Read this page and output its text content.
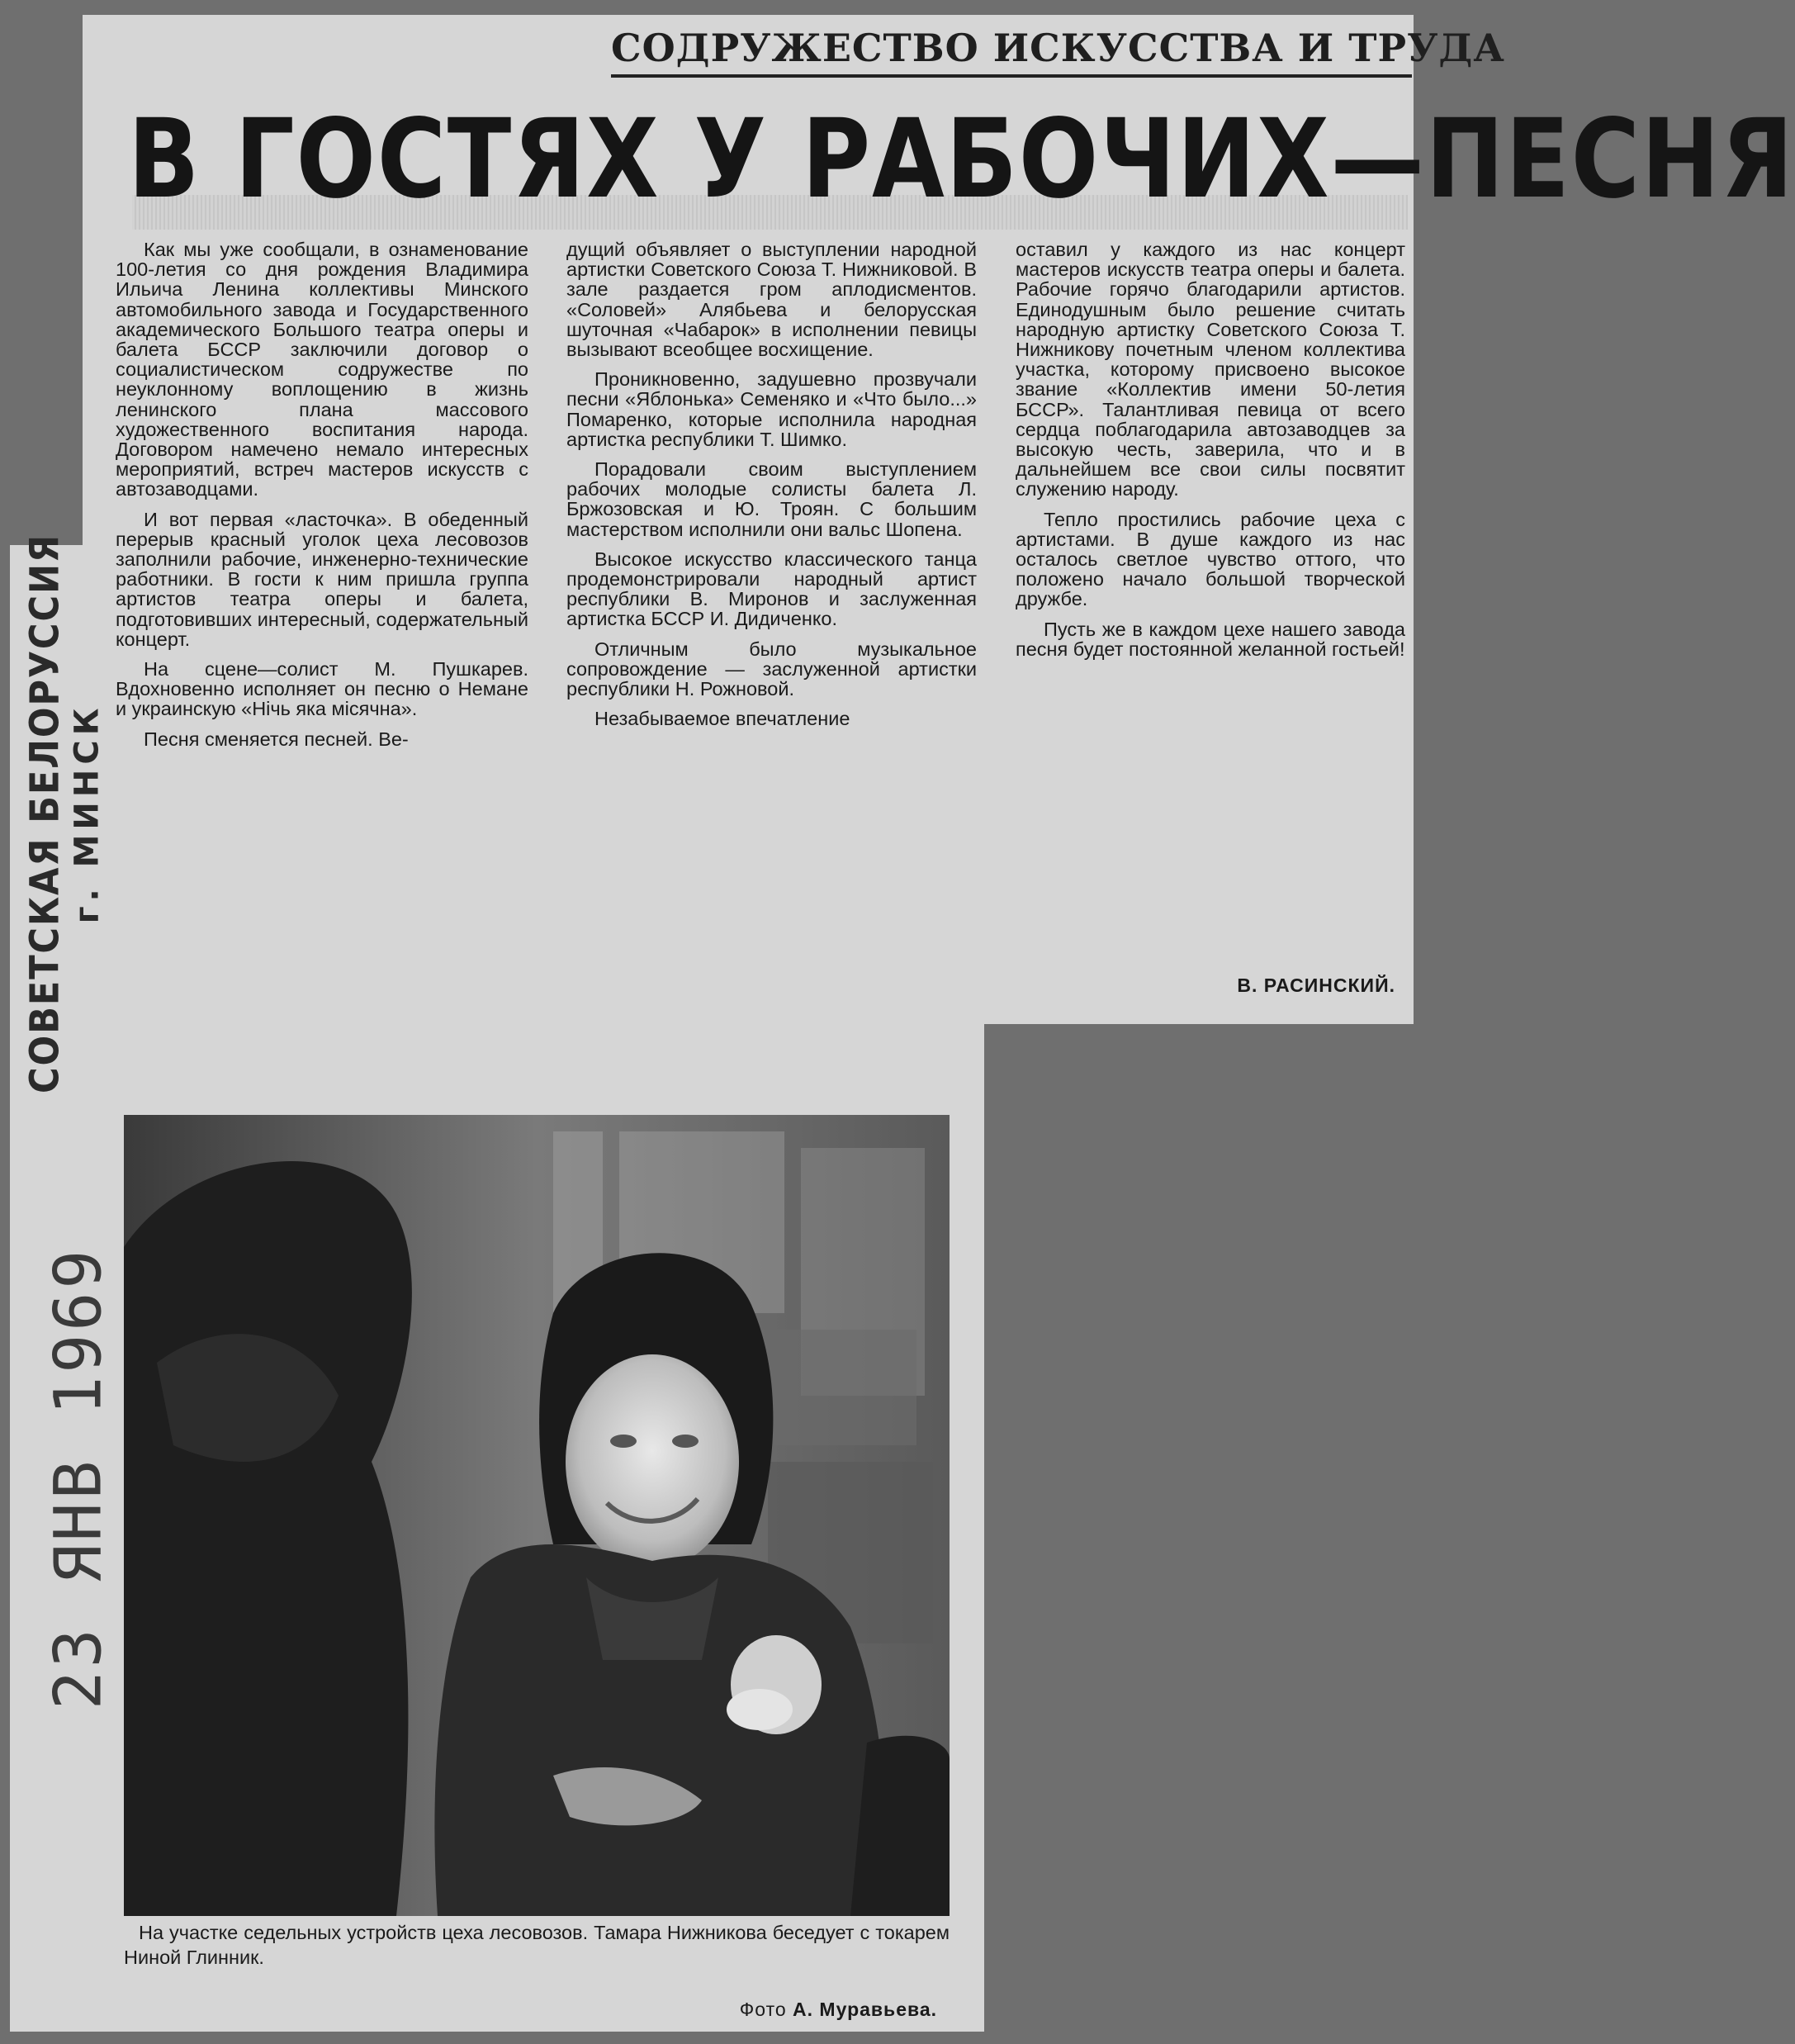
СОДРУЖЕСТВО ИСКУССТВА И ТРУДА
В ГОСТЯХ У РАБОЧИХ—ПЕСНЯ
СОВЕТСКАЯ БЕЛОРУССИЯ г. МИНСК
23 ЯНВ 1969

Как мы уже сообщали, в ознаменование 100-летия со дня рождения Владимира Ильича Ленина коллективы Минского автомобильного завода и Государственного академического Большого театра оперы и балета БССР заключили договор о социалистическом содружестве по неуклонному воплощению в жизнь ленинского плана массового художественного воспитания народа. Договором намечено немало интересных мероприятий, встреч мастеров искусств с автозаводцами.

И вот первая «ласточка». В обеденный перерыв красный уголок цеха лесовозов заполнили рабочие, инженерно-технические работники. В гости к ним пришла группа артистов театра оперы и балета, подготовивших интересный, содержательный концерт.

На сцене—солист М. Пушкарев. Вдохновенно исполняет он песню о Немане и украинскую «Нiчь яка мiсячна».

Песня сменяется песней. Ве-

дущий объявляет о выступлении народной артистки Советского Союза Т. Нижниковой. В зале раздается гром аплодисментов. «Соловей» Алябьева и белорусская шуточная «Чабарок» в исполнении певицы вызывают всеобщее восхищение.

Проникновенно, задушевно прозвучали песни «Яблонька» Семеняко и «Что было...» Помаренко, которые исполнила народная артистка республики Т. Шимко.

Порадовали своим выступлением рабочих молодые солисты балета Л. Бржозовская и Ю. Троян. С большим мастерством исполнили они вальс Шопена.

Высокое искусство классического танца продемонстрировали народный артист республики В. Миронов и заслуженная артистка БССР И. Дидиченко.

Отличным было музыкальное сопровождение — заслуженной артистки республики Н. Рожновой.

Незабываемое впечатление

оставил у каждого из нас концерт мастеров искусств театра оперы и балета. Рабочие горячо благодарили артистов. Единодушным было решение считать народную артистку Советского Союза Т. Нижникову почетным членом коллектива участка, которому присвоено высокое звание «Коллектив имени 50-летия БССР». Талантливая певица от всего сердца поблагодарила автозаводцев за высокую честь, заверила, что и в дальнейшем все свои силы посвятит служению народу.

Тепло простились рабочие цеха с артистами. В душе каждого из нас осталось светлое чувство оттого, что положено начало большой творческой дружбе.

Пусть же в каждом цехе нашего завода песня будет постоянной желанной гостьей!

В. РАСИНСКИЙ.
На участке седельных устройств цеха лесовозов. Тамара Нижникова беседует с токарем Ниной Глинник.
Фото А. Муравьева.
